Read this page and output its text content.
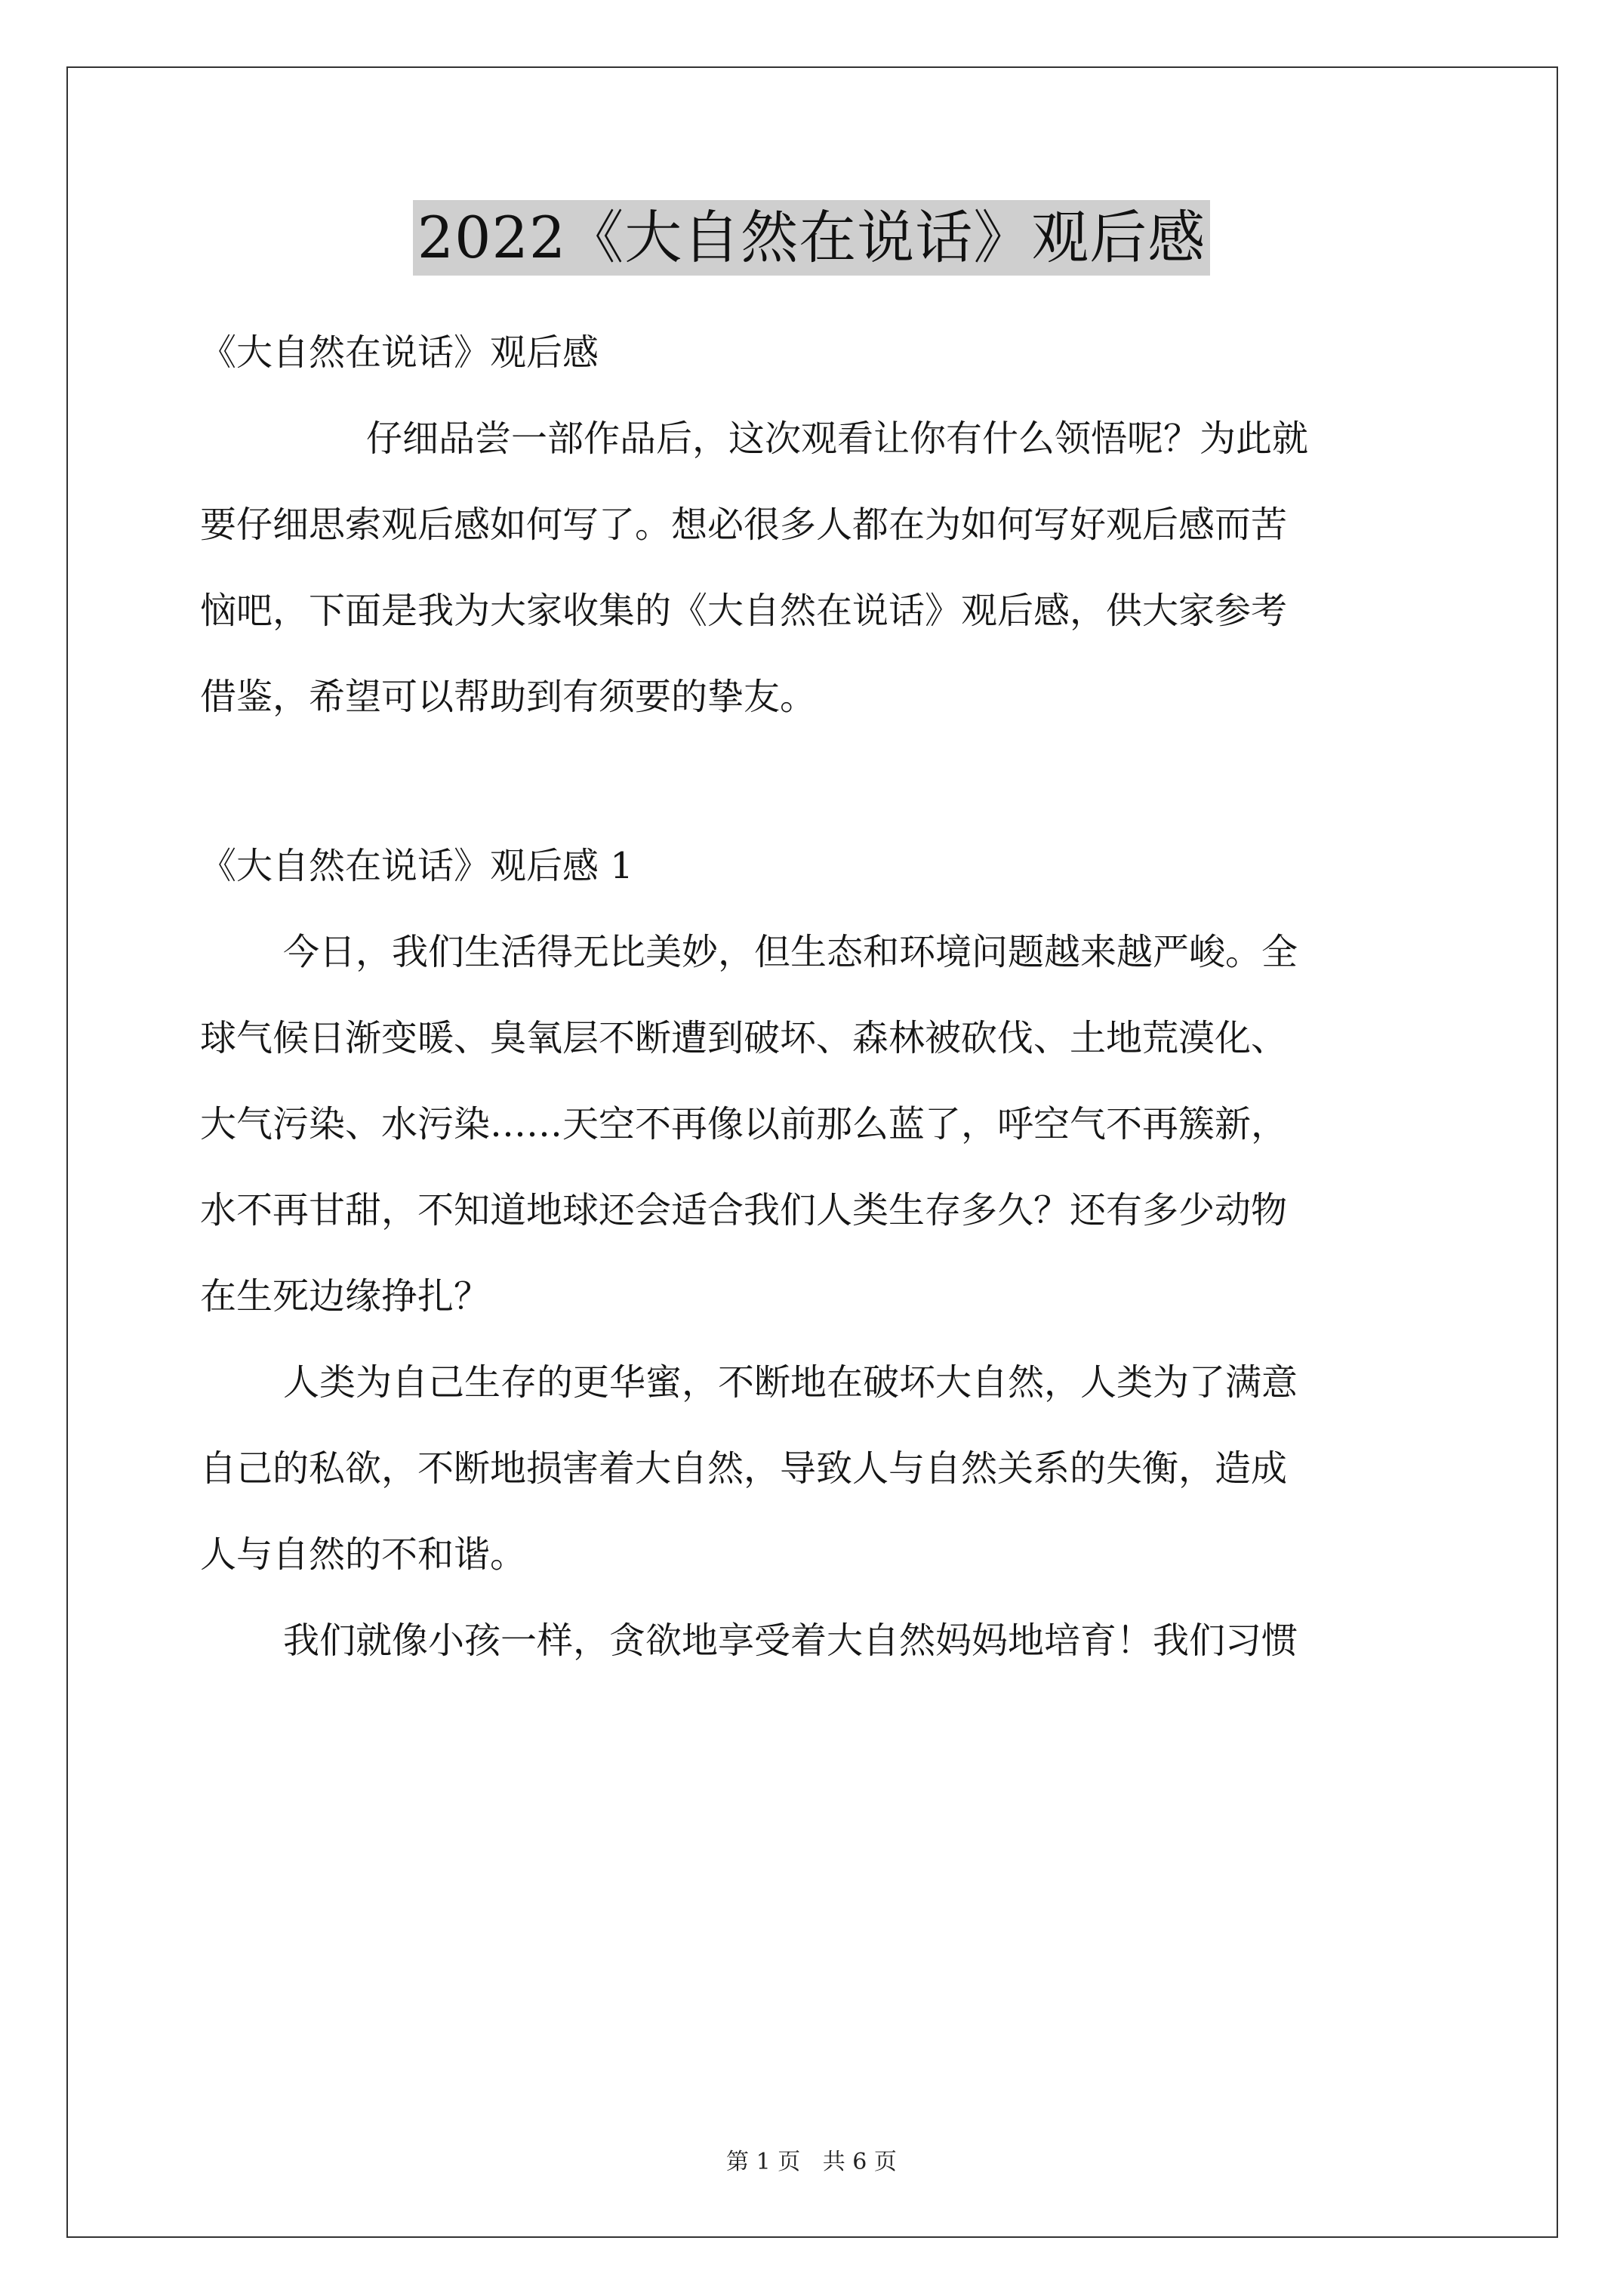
2022《大自然在说话》观后感
《大自然在说话》观后感
仔细品尝一部作品后，这次观看让你有什么领悟呢？为此就
要仔细思索观后感如何写了。想必很多人都在为如何写好观后感而苦
恼吧，下面是我为大家收集的《大自然在说话》观后感，供大家参考
借鉴，希望可以帮助到有须要的挚友。
《大自然在说话》观后感 1
今日，我们生活得无比美妙，但生态和环境问题越来越严峻。全
球气候日渐变暖、臭氧层不断遭到破坏、森林被砍伐、土地荒漠化、
大气污染、水污染……天空不再像以前那么蓝了，呼空气不再簇新，
水不再甘甜，不知道地球还会适合我们人类生存多久？还有多少动物
在生死边缘挣扎？
人类为自己生存的更华蜜，不断地在破坏大自然，人类为了满意
自己的私欲，不断地损害着大自然，导致人与自然关系的失衡，造成
人与自然的不和谐。
我们就像小孩一样，贪欲地享受着大自然妈妈地培育！我们习惯
第 1 页 共 6 页
